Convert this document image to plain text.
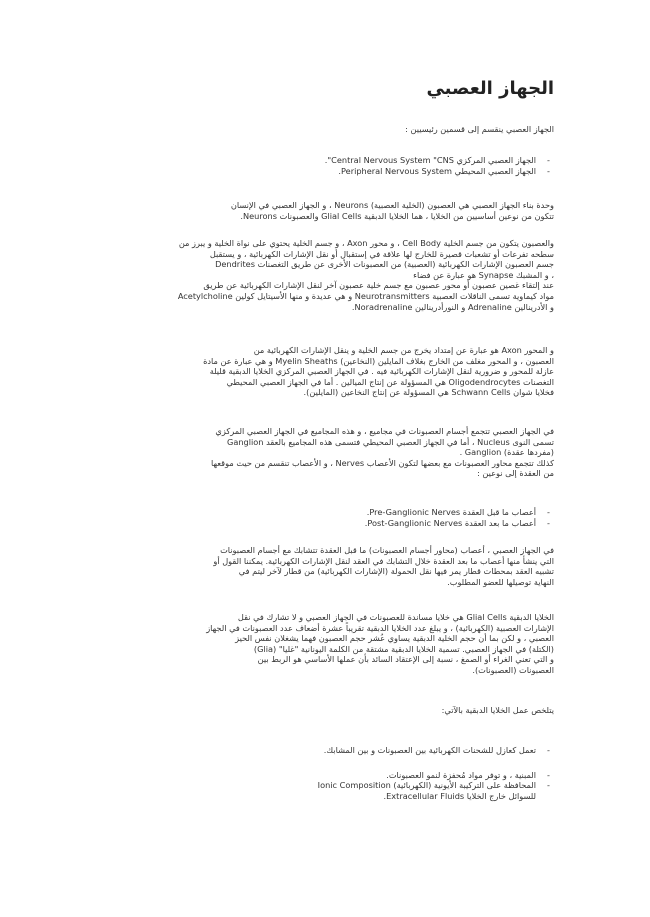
الجهاز العصبي

الجهاز العصبي ينقسم إلى قسمين رئيسيين :

- الجهاز العصبي المركزي Central Nervous System "CNS".

- الجهاز العصبي المحيطي Peripheral Nervous System.

وحدة بناء الجهاز العصبي هي العصبون (الخلية العصبية) Neurons ، و الجهاز العصبي في الإنسان

تتكون من نوعين أساسيين من الخلايا ، هما الخلايا الدبقية Glial Cells والعصبونات Neurons.

والعصبون يتكون من جسم الخلية Cell Body ، و محور Axon ، و جسم الخلية يحتوي على نواة الخلية و يبرز من

سطحه تفرعات أو تشعبات قصيرة للخارج لها علاقة في إستقبال أو نقل الإشارات الكهربائية ، و يستقبل

جسم العصبون الإشارات الكهربائية (العصبية) من العصبونات الأخرى عن طريق التغصنات Dendrites

، و المشبك Synapse هو عبارة عن فضاء

عند إلتقاء غصين عصبون أو محور عصبون مع جسم خلية عصبون آخر لنقل الإشارات الكهربائية عن طريق

مواد كيماوية تسمى الناقلات العصبية Neurotransmitters و هي عديدة و منها الأسيتايل كولين Acetylcholine

و الأدرينالين Adrenaline و النورأدرينالين Noradrenaline.

و المحور Axon هو عبارة عن إمتداد يخرج من جسم الخلية و ينقل الإشارات الكهربائية من

العصبون ، و المحور مغلف من الخارج بغلاف المايلين (النخاعين) Myelin Sheaths و هي عبارة عن مادة

عازلة للمحور و ضرورية لنقل الإشارات الكهربائية فيه . في الجهاز العصبي المركزي الخلايا الدبقية قليلة

التغصنات Oligodendrocytes هي المسؤولة عن إنتاج الميالين . أما في الجهاز العصبي المحيطي

فخلايا شوان Schwann Cells هي المسؤولة عن إنتاج النخاعين (المايلين).

في الجهاز العصبي تتجمع أجسام العصبونات في مجاميع ، و هذه المجاميع في الجهاز العصبي المركزي

تسمى النوى Nucleus ، أما في الجهاز العصبي المحيطي فتسمى هذه المجاميع بالعقد Ganglion

(مفردها عقدة) Ganglion .

كذلك تتجمع محاور العصبونات مع بعضها لتكون الأعصاب Nerves ، و الأعصاب تنقسم من حيث موقعها

من العقدة إلى نوعين :

- أعصاب ما قبل العقدة Pre-Ganglionic Nerves.

- أعصاب ما بعد العقدة Post-Ganglionic Nerves.

في الجهاز العصبي ، أعصاب (محاور أجسام العصبونات) ما قبل العقدة تتشابك مع أجسام العصبونات

التي ينشأ منها أعصاب ما بعد العقدة خلال التشابك في العقد لنقل الإشارات الكهربائية. يمكننا القول أو

تشبيه العقد بمحطات قطار يمر فيها نقل الحمولة (الإشارات الكهربائية) من قطار لآخر ليتم في

النهاية توصيلها للعضو المطلوب.

الخلايا الدبقية Glial Cells هي خلايا مساندة للعصبونات في الجهاز العصبي و لا تشارك في نقل

الإشارات العصبية (الكهربائية) ، و يبلغ عدد الخلايا الدبقية تقريباً عشرة أضعاف عدد العصبونات في الجهاز

العصبي ، و لكن بما أن حجم الخلية الدبقية يساوي عُشر حجم العصبون فهما يشغلان نفس الحيز

(الكتلة) في الجهاز العصبي. تسمية الخلايا الدبقية مشتقة من الكلمة اليونانية "غليا" (Glia)

و التي تعني الغراء أو الصمغ ، نسبة إلى الإعتقاد السائد بأن عملها الأساسي هو الربط بين

العصبونات (العصبونات).

يتلخص عمل الخلايا الدبقية بالآتي:

- تعمل كعازل للشحنات الكهربائية بين العصبونات و بين المشابك.

- المبنية ، و توفر مواد مُحفزة لنمو العصبونات.

- المحافظة على التركيبة الأيونية (الكهربائية) Ionic Composition

للسوائل خارج الخلايا Extracellular Fluids.
